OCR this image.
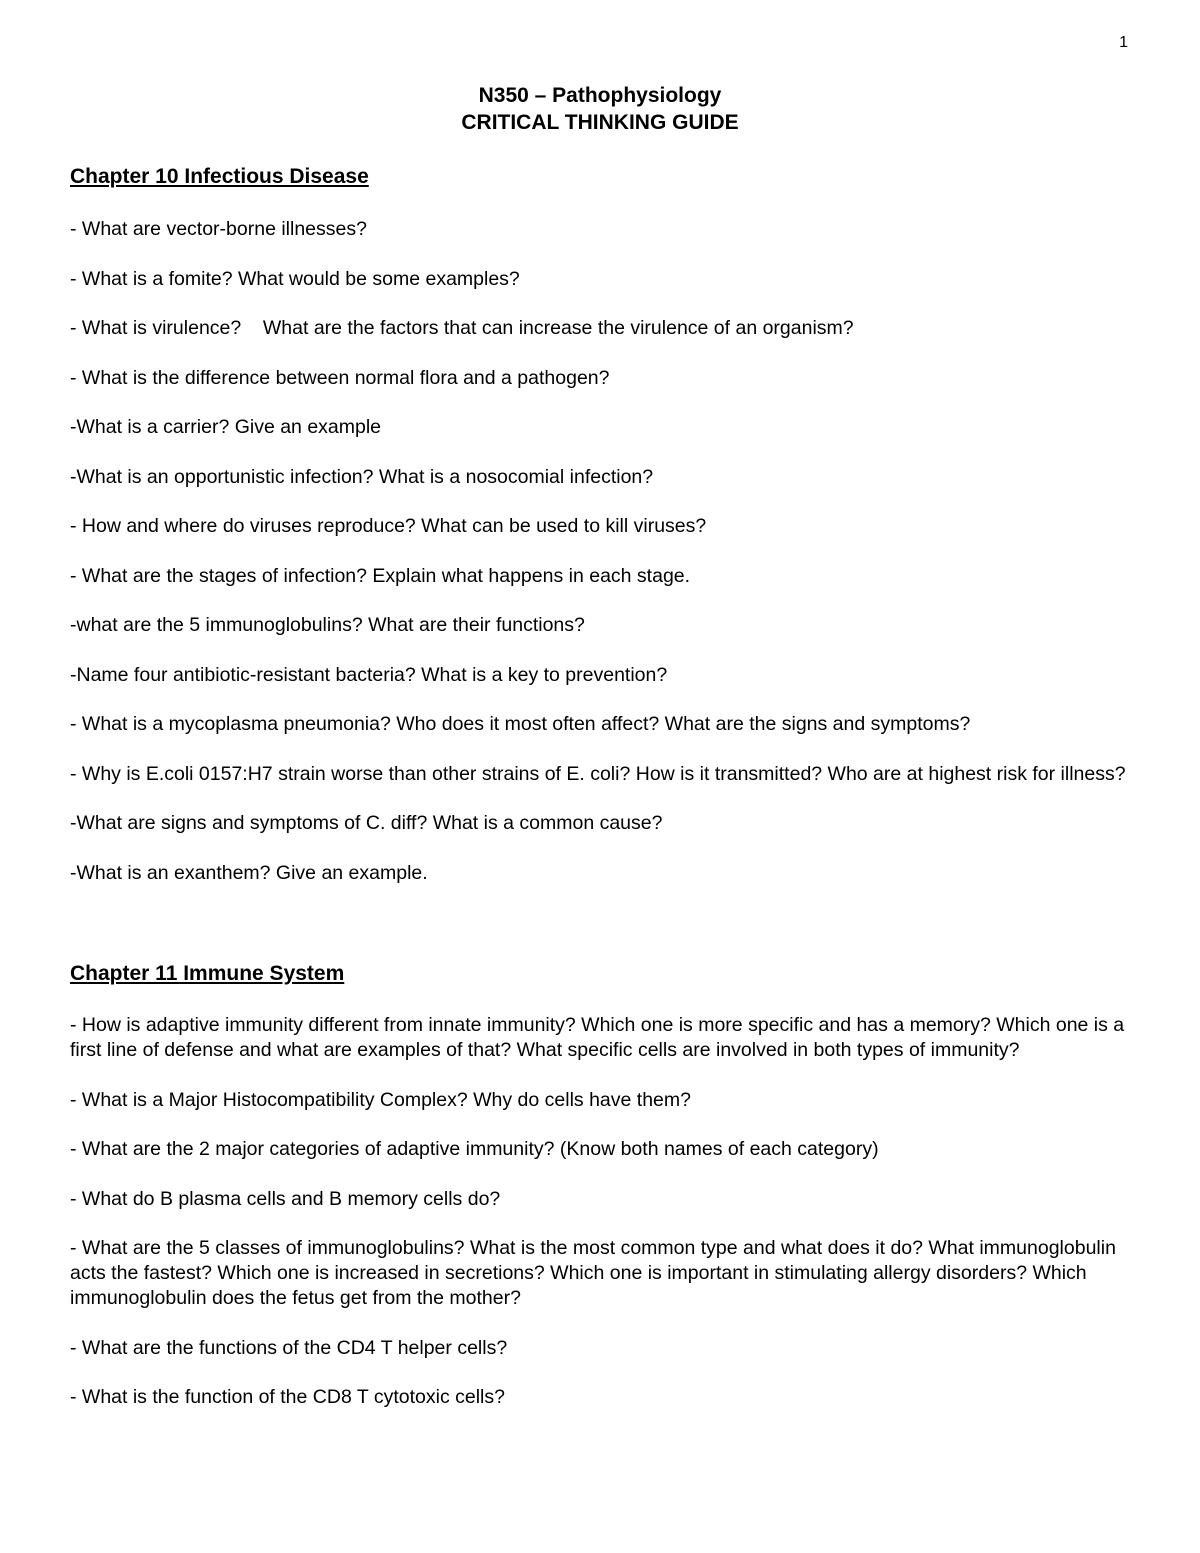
1
N350 – Pathophysiology
CRITICAL THINKING GUIDE

Chapter 10 Infectious Disease

- What are vector-borne illnesses?

- What is a fomite? What would be some examples?

- What is virulence?    What are the factors that can increase the virulence of an organism?

- What is the difference between normal flora and a pathogen?

-What is a carrier? Give an example

-What is an opportunistic infection? What is a nosocomial infection?

- How and where do viruses reproduce? What can be used to kill viruses?

- What are the stages of infection? Explain what happens in each stage.

-what are the 5 immunoglobulins? What are their functions?

-Name four antibiotic-resistant bacteria? What is a key to prevention?

- What is a mycoplasma pneumonia? Who does it most often affect? What are the signs and symptoms?

- Why is E.coli 0157:H7 strain worse than other strains of E. coli? How is it transmitted? Who are at highest risk for illness?

-What are signs and symptoms of C. diff? What is a common cause?

-What is an exanthem? Give an example.

Chapter 11 Immune System

- How is adaptive immunity different from innate immunity? Which one is more specific and has a memory? Which one is a first line of defense and what are examples of that? What specific cells are involved in both types of immunity?

- What is a Major Histocompatibility Complex? Why do cells have them?

- What are the 2 major categories of adaptive immunity? (Know both names of each category)

- What do B plasma cells and B memory cells do?

- What are the 5 classes of immunoglobulins? What is the most common type and what does it do? What immunoglobulin acts the fastest? Which one is increased in secretions? Which one is important in stimulating allergy disorders? Which immunoglobulin does the fetus get from the mother?

- What are the functions of the CD4 T helper cells?

- What is the function of the CD8 T cytotoxic cells?
